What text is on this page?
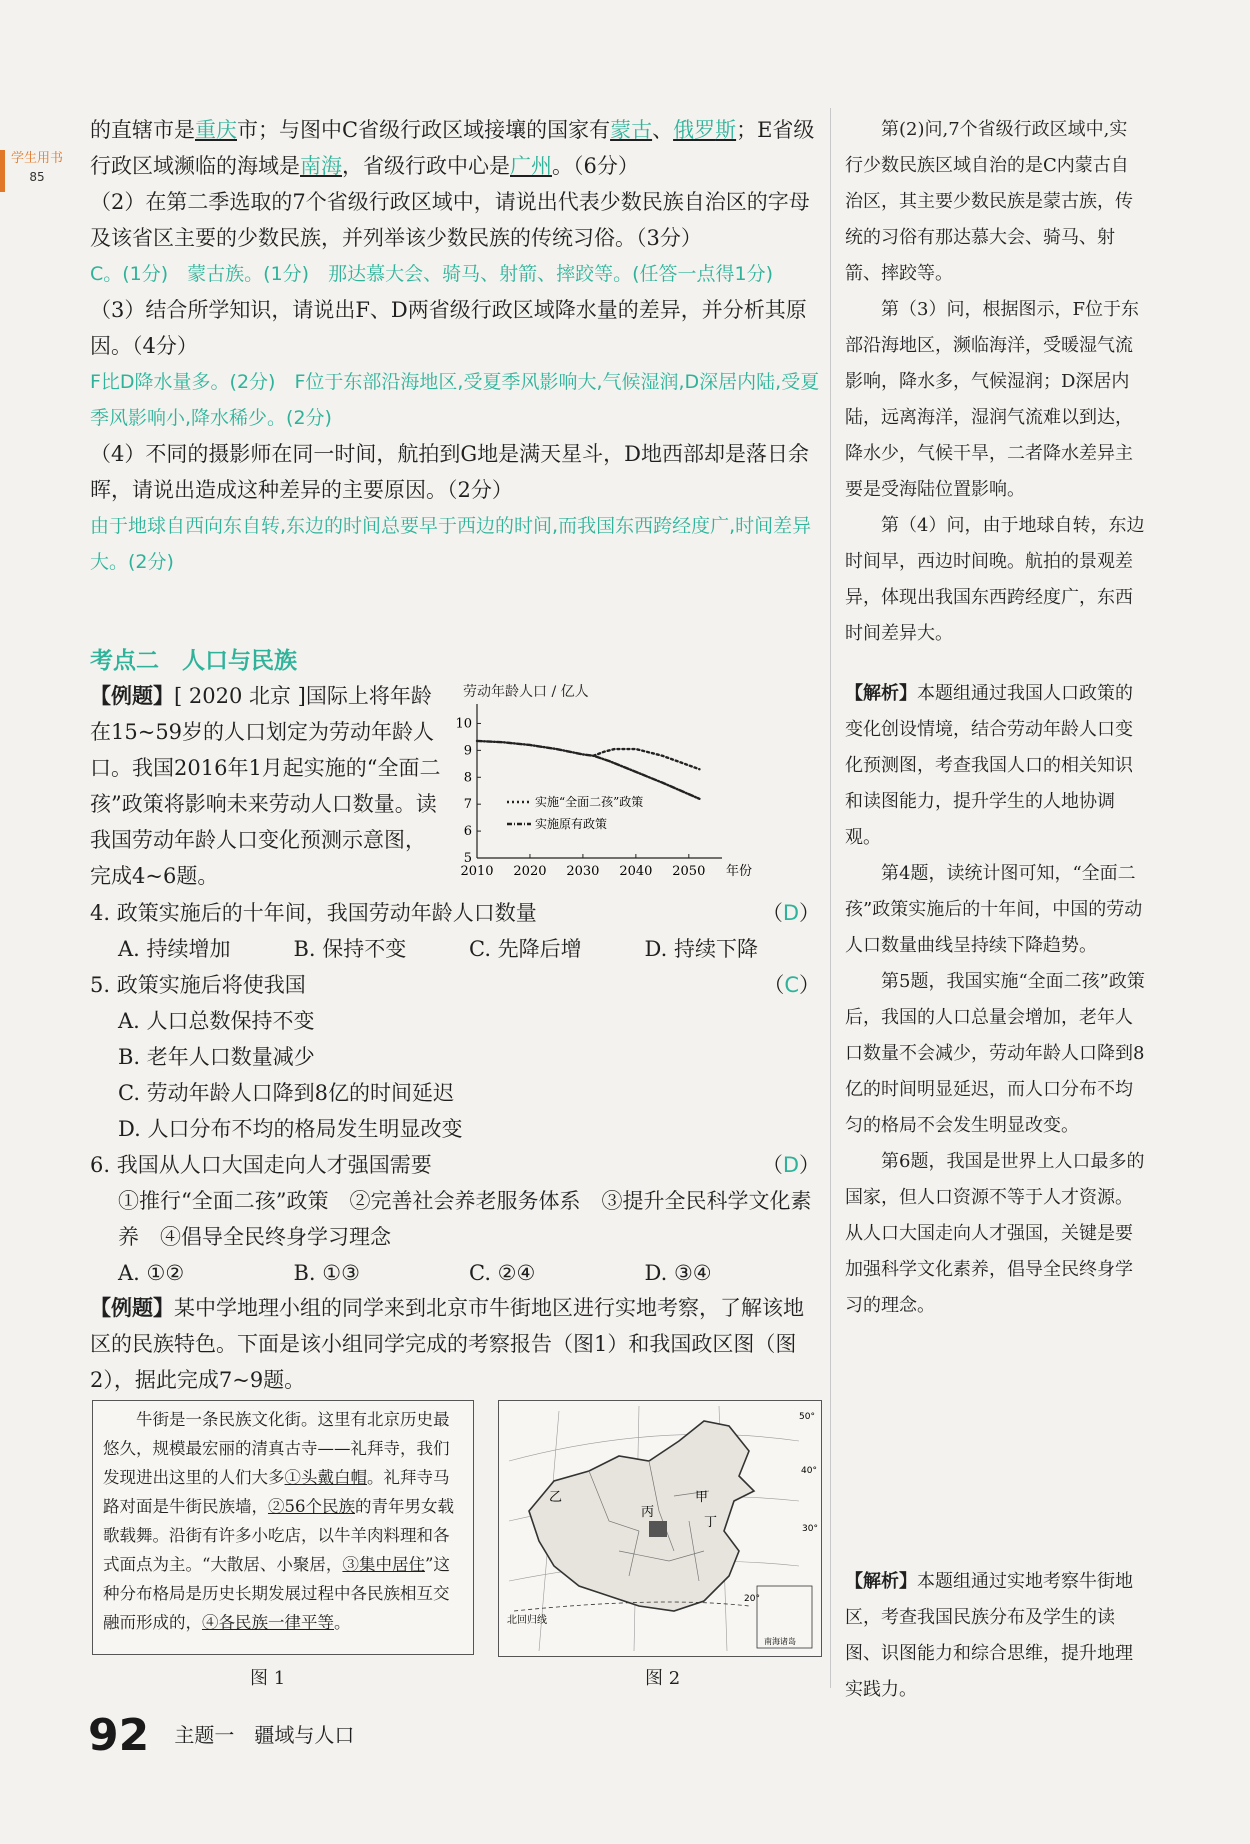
学生用书
85

的直辖市是重庆市；与图中C省级行政区域接壤的国家有蒙古、俄罗斯；E省级行政区域濒临的海域是南海，省级行政中心是广州。（6分）

（2）在第二季选取的7个省级行政区域中，请说出代表少数民族自治区的字母及该省区主要的少数民族，并列举该少数民族的传统习俗。（3分）

C。(1分)　蒙古族。(1分)　那达慕大会、骑马、射箭、摔跤等。(任答一点得1分)

（3）结合所学知识，请说出F、D两省级行政区域降水量的差异，并分析其原因。（4分）

F比D降水量多。(2分)　F位于东部沿海地区,受夏季风影响大,气候湿润,D深居内陆,受夏季风影响小,降水稀少。(2分)

（4）不同的摄影师在同一时间，航拍到G地是满天星斗，D地西部却是落日余晖，请说出造成这种差异的主要原因。（2分）

由于地球自西向东自转,东边的时间总要早于西边的时间,而我国东西跨经度广,时间差异大。(2分)

第(2)问,7个省级行政区域中,实行少数民族区域自治的是C内蒙古自治区，其主要少数民族是蒙古族，传统的习俗有那达慕大会、骑马、射箭、摔跤等。

第（3）问，根据图示，F位于东部沿海地区，濒临海洋，受暖湿气流影响，降水多，气候湿润；D深居内陆，远离海洋，湿润气流难以到达，降水少，气候干旱，二者降水差异主要是受海陆位置影响。

第（4）问，由于地球自转，东边时间早，西边时间晚。航拍的景观差异，体现出我国东西跨经度广，东西时间差异大。

考点二　人口与民族
【例题】[ 2020 北京 ]国际上将年龄在15~59岁的人口划定为劳动年龄人口。我国2016年1月起实施的“全面二孩”政策将影响未来劳动人口数量。读我国劳动年龄人口变化预测示意图，完成4~6题。
劳动年龄人口 / 亿人
2010 2020 2030 2040 2050
5
6
7
8
9
10
年份
实施“全面二孩”政策
实施原有政策
4. 政策实施后的十年间，我国劳动年龄人口数量	（D）
A. 持续增加	B. 保持不变	C. 先降后增	D. 持续下降
5. 政策实施后将使我国	（C）
A. 人口总数保持不变
B. 老年人口数量减少
C. 劳动年龄人口降到8亿的时间延迟
D. 人口分布不均的格局发生明显改变
6. 我国从人口大国走向人才强国需要	（D）
①推行“全面二孩”政策　②完善社会养老服务体系　③提升全民科学文化素养　④倡导全民终身学习理念
A. ①②	B. ①③	C. ②④	D. ③④
【例题】某中学地理小组的同学来到北京市牛街地区进行实地考察，了解该地区的民族特色。下面是该小组同学完成的考察报告（图1）和我国政区图（图2），据此完成7~9题。

牛街是一条民族文化街。这里有北京历史最悠久，规模最宏丽的清真古寺——礼拜寺，我们发现进出这里的人们大多①头戴白帽。礼拜寺马路对面是牛街民族墙，②56个民族的青年男女载歌载舞。沿街有许多小吃店，以牛羊肉料理和各式面点为主。“大散居、小聚居，③集中居住”这种分布格局是历史长期发展过程中各民族相互交融而形成的，④各民族一律平等。

乙	甲
丙
丁
北回归线
南海诸岛
50°
40°
30°
20°
图 1	图 2

【解析】本题组通过我国人口政策的变化创设情境，结合劳动年龄人口变化预测图，考查我国人口的相关知识和读图能力，提升学生的人地协调观。

第4题，读统计图可知，“全面二孩”政策实施后的十年间，中国的劳动人口数量曲线呈持续下降趋势。

第5题，我国实施“全面二孩”政策后，我国的人口总量会增加，老年人口数量不会减少，劳动年龄人口降到8亿的时间明显延迟，而人口分布不均匀的格局不会发生明显改变。

第6题，我国是世界上人口最多的国家，但人口资源不等于人才资源。从人口大国走向人才强国，关键是要加强科学文化素养，倡导全民终身学习的理念。

【解析】本题组通过实地考察牛街地区，考查我国民族分布及学生的读图、识图能力和综合思维，提升地理实践力。

92 主题一　疆域与人口
